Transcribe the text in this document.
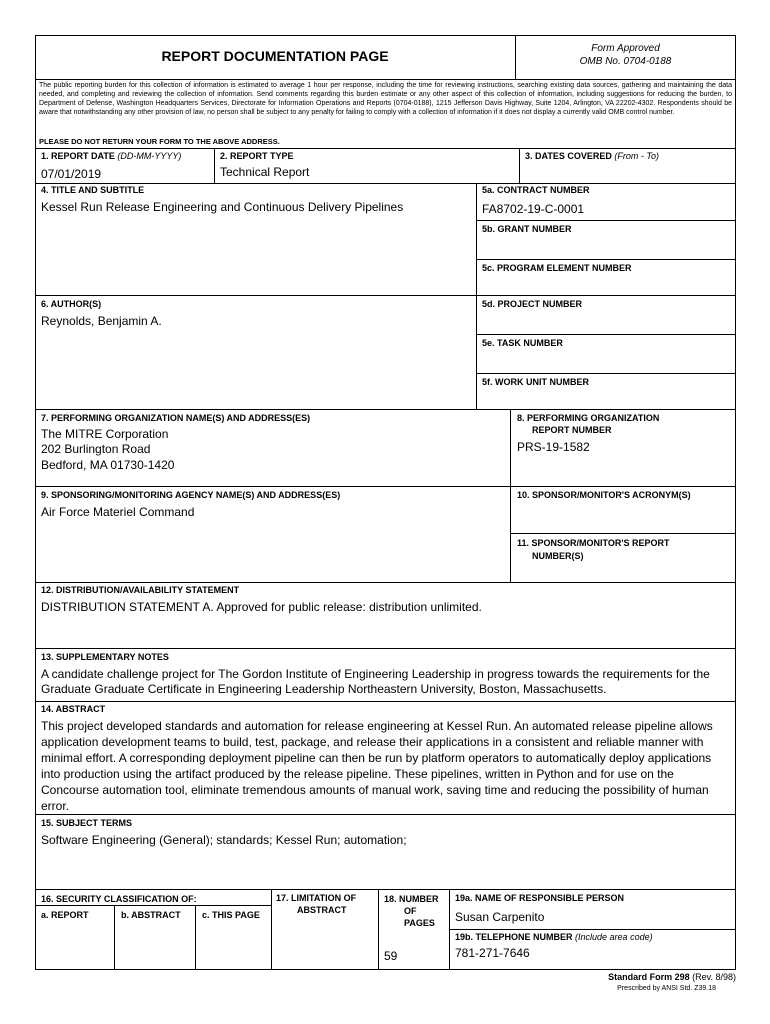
REPORT DOCUMENTATION PAGE	Form Approved
OMB No. 0704-0188
The public reporting burden for this collection of information is estimated to average 1 hour per response, including the time for reviewing instructions, searching existing data sources, gathering and maintaining the data needed, and completing and reviewing the collection of information. Send comments regarding this burden estimate or any other aspect of this collection of information, including suggestions for reducing the burden, to Department of Defense, Washington Headquarters Services, Directorate for Information Operations and Reports (0704-0188), 1215 Jefferson Davis Highway, Suite 1204, Arlington, VA 22202-4302. Respondents should be aware that notwithstanding any other provision of law, no person shall be subject to any penalty for failing to comply with a collection of information if it does not display a currently valid OMB control number.
PLEASE DO NOT RETURN YOUR FORM TO THE ABOVE ADDRESS.
1. REPORT DATE (DD-MM-YYYY)
07/01/2019
2. REPORT TYPE
Technical Report
3. DATES COVERED (From - To)
4. TITLE AND SUBTITLE
Kessel Run Release Engineering and Continuous Delivery Pipelines
5a. CONTRACT NUMBER
FA8702-19-C-0001
5b. GRANT NUMBER
5c. PROGRAM ELEMENT NUMBER
6. AUTHOR(S)
Reynolds, Benjamin A.
5d. PROJECT NUMBER
5e. TASK NUMBER
5f. WORK UNIT NUMBER
7. PERFORMING ORGANIZATION NAME(S) AND ADDRESS(ES)
The MITRE Corporation
202 Burlington Road
Bedford, MA 01730-1420
8. PERFORMING ORGANIZATION
REPORT NUMBER
PRS-19-1582
9. SPONSORING/MONITORING AGENCY NAME(S) AND ADDRESS(ES)
Air Force Materiel Command
10. SPONSOR/MONITOR'S ACRONYM(S)
11. SPONSOR/MONITOR'S REPORT
NUMBER(S)
12. DISTRIBUTION/AVAILABILITY STATEMENT
DISTRIBUTION STATEMENT A. Approved for public release: distribution unlimited.
13. SUPPLEMENTARY NOTES
A candidate challenge project for The Gordon Institute of Engineering Leadership in progress towards the requirements for the Graduate Graduate Certificate in Engineering Leadership Northeastern University, Boston, Massachusetts.
14. ABSTRACT
This project developed standards and automation for release engineering at Kessel Run. An automated release pipeline allows application development teams to build, test, package, and release their applications in a consistent and reliable manner with minimal effort. A corresponding deployment pipeline can then be run by platform operators to automatically deploy applications into production using the artifact produced by the release pipeline. These pipelines, written in Python and for use on the Concourse automation tool, eliminate tremendous amounts of manual work, saving time and reducing the possibility of human error.
15. SUBJECT TERMS
Software Engineering (General); standards; Kessel Run; automation;
16. SECURITY CLASSIFICATION OF:
a. REPORT	b. ABSTRACT c. THIS PAGE
17. LIMITATION OF
ABSTRACT
18. NUMBER
OF
PAGES
59
19a. NAME OF RESPONSIBLE PERSON
Susan Carpenito
19b. TELEPHONE NUMBER (Include area code)
781-271-7646
Standard Form 298 (Rev. 8/98)
Prescribed by ANSI Std. Z39.18
